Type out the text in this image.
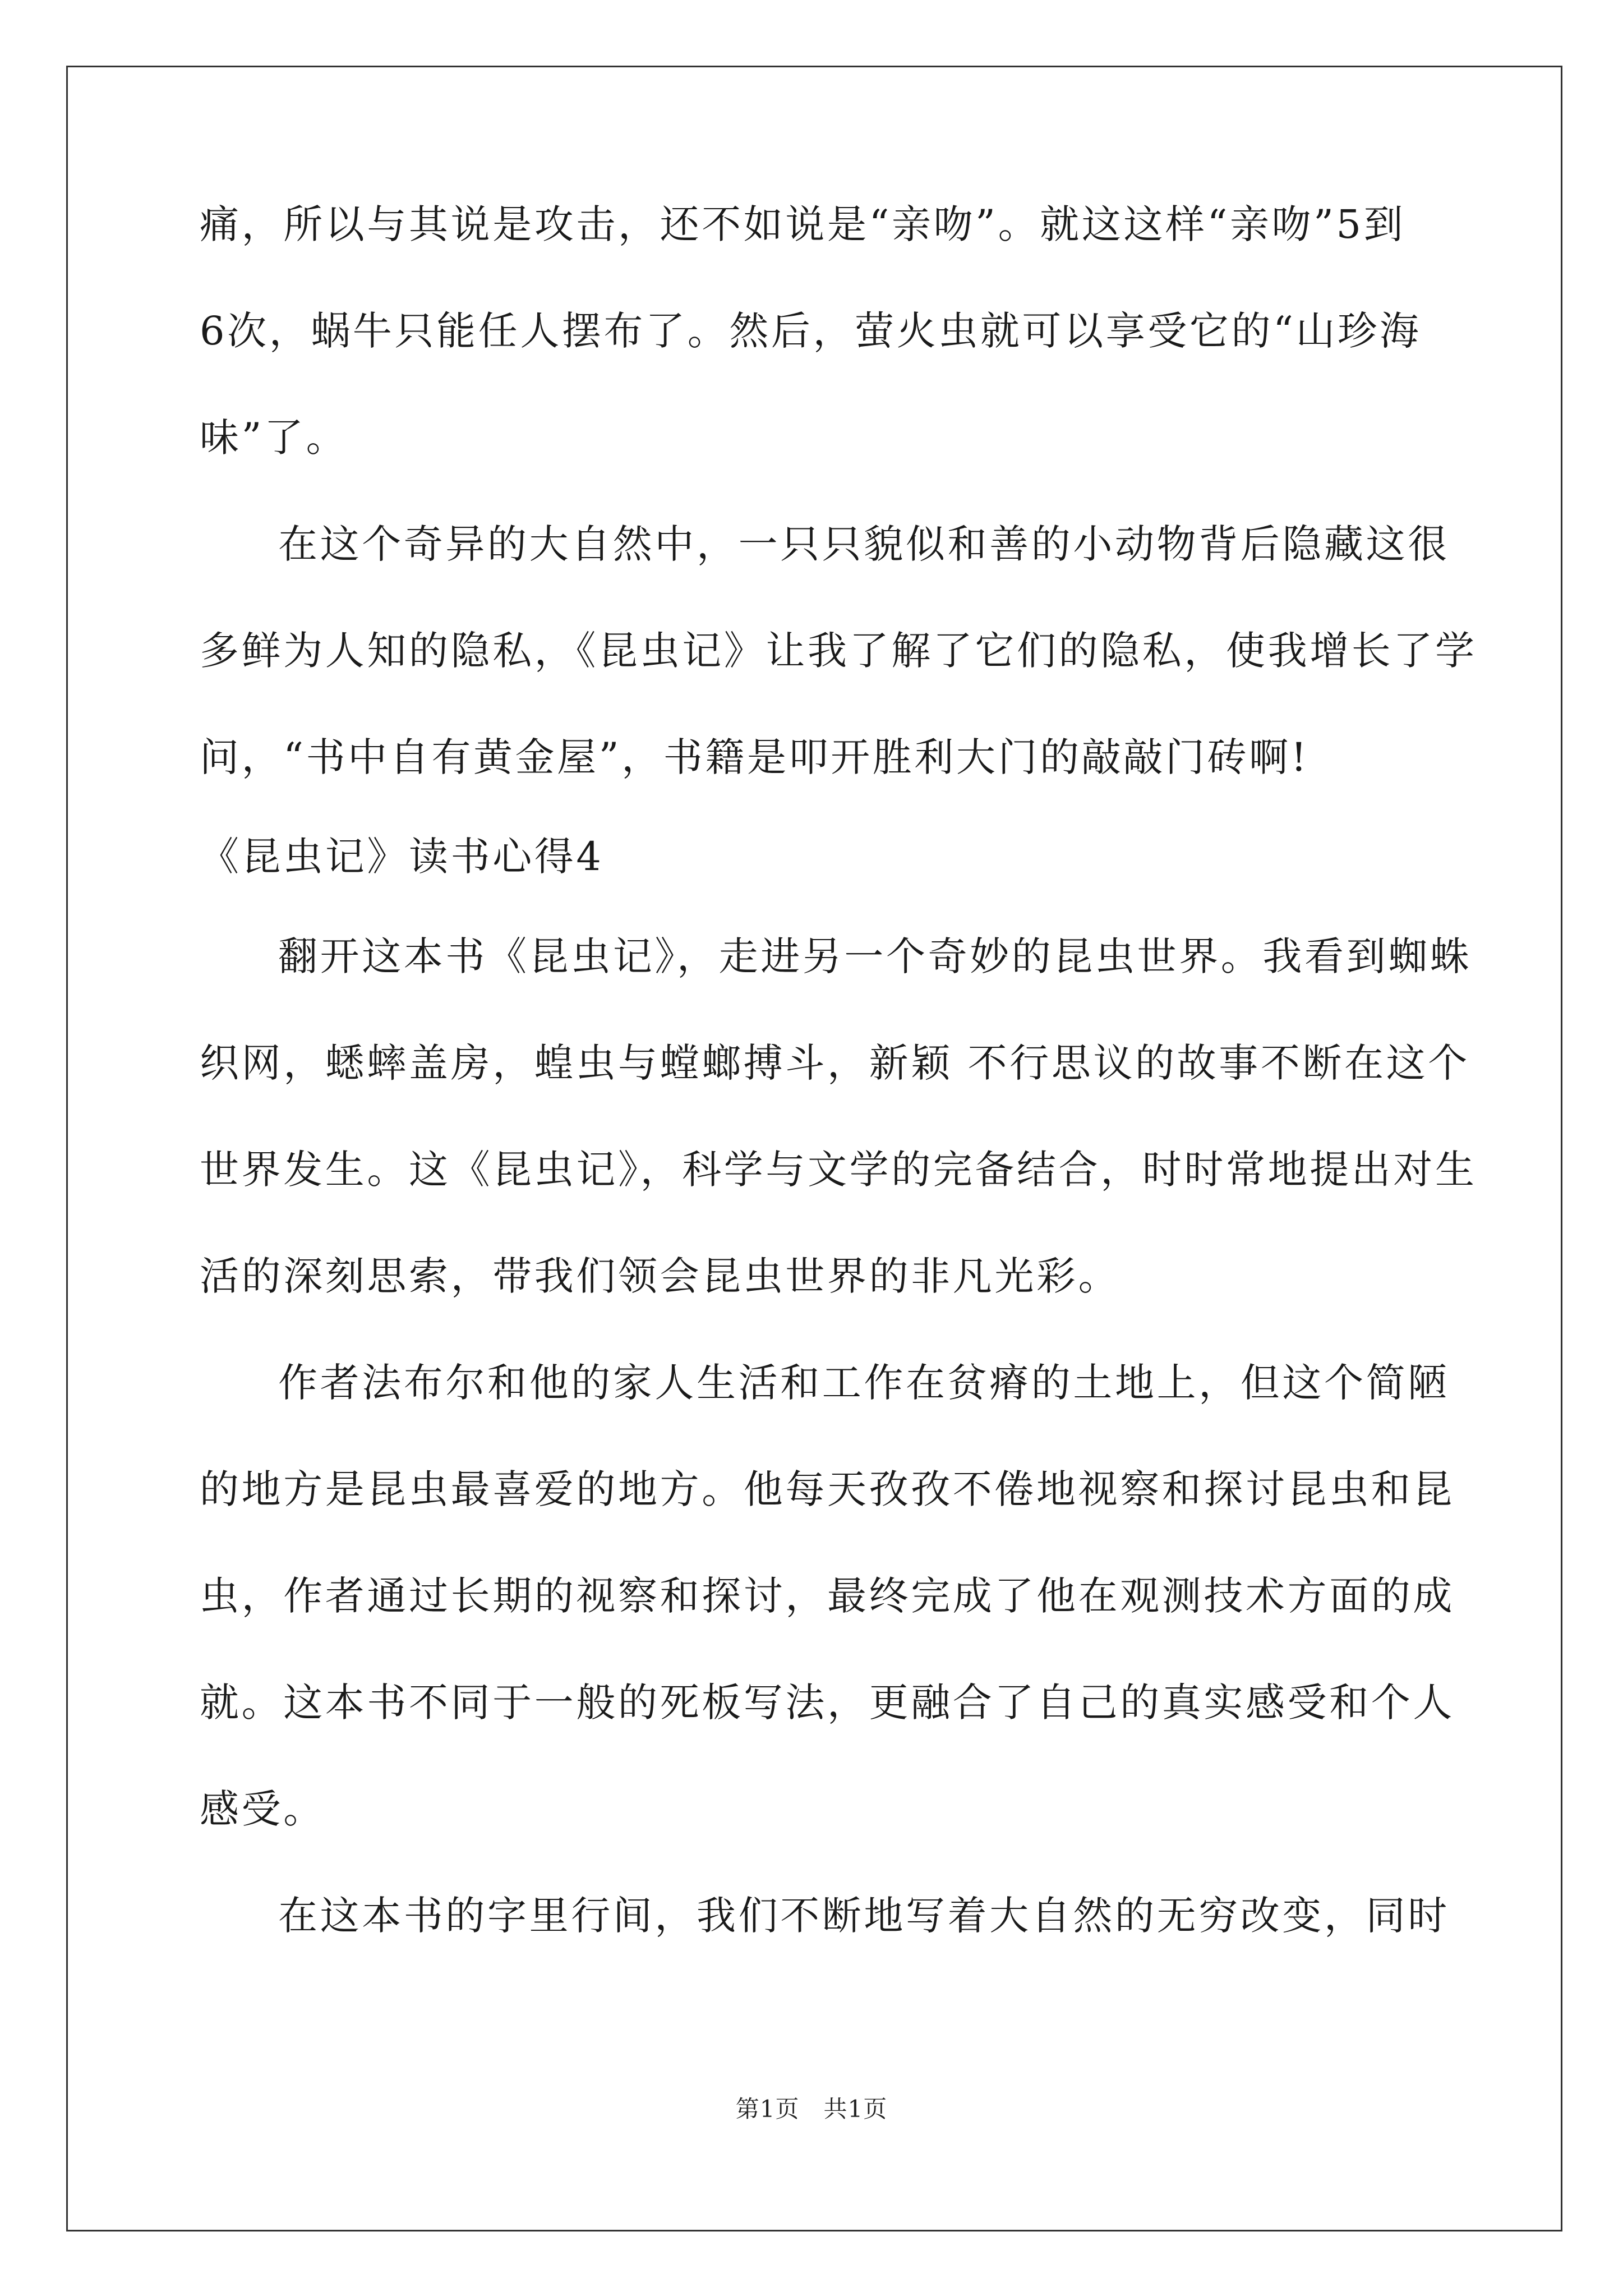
痛，所以与其说是攻击，还不如说是“亲吻”。就这这样“亲吻”5到
6次，蜗牛只能任人摆布了。然后，萤火虫就可以享受它的“山珍海
味”了。
在这个奇异的大自然中，一只只貌似和善的小动物背后隐藏这很
多鲜为人知的隐私，《昆虫记》让我了解了它们的隐私，使我增长了学
问，“书中自有黄金屋”，书籍是叩开胜利大门的敲敲门砖啊!
《昆虫记》读书心得4
翻开这本书《昆虫记》，走进另一个奇妙的昆虫世界。我看到蜘蛛
织网，蟋蟀盖房，蝗虫与螳螂搏斗，新颖 不行思议的故事不断在这个
世界发生。这《昆虫记》，科学与文学的完备结合，时时常地提出对生
活的深刻思索，带我们领会昆虫世界的非凡光彩。
作者法布尔和他的家人生活和工作在贫瘠的土地上，但这个简陋
的地方是昆虫最喜爱的地方。他每天孜孜不倦地视察和探讨昆虫和昆
虫，作者通过长期的视察和探讨，最终完成了他在观测技术方面的成
就。这本书不同于一般的死板写法，更融合了自己的真实感受和个人
感受。
在这本书的字里行间，我们不断地写着大自然的无穷改变，同时
第1页　共1页
